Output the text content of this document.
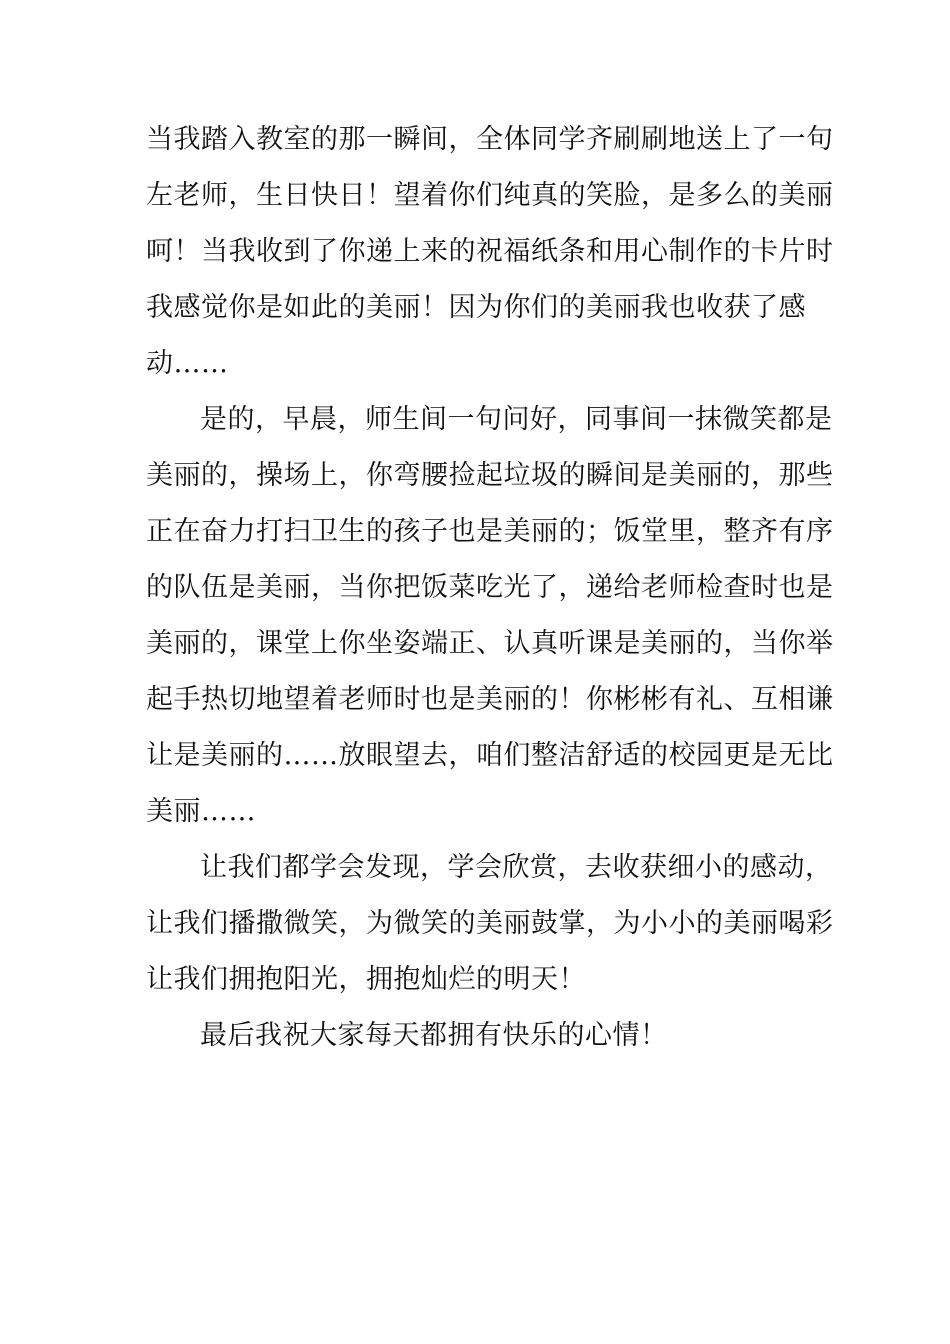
当我踏入教室的那一瞬间，全体同学齐刷刷地送上了一句
左老师，生日快日！望着你们纯真的笑脸，是多么的美丽
呵！当我收到了你递上来的祝福纸条和用心制作的卡片时
我感觉你是如此的美丽！因为你们的美丽我也收获了感
动……
是的，早晨，师生间一句问好，同事间一抹微笑都是
美丽的，操场上，你弯腰捡起垃圾的瞬间是美丽的，那些
正在奋力打扫卫生的孩子也是美丽的；饭堂里，整齐有序
的队伍是美丽，当你把饭菜吃光了，递给老师检查时也是
美丽的，课堂上你坐姿端正、认真听课是美丽的，当你举
起手热切地望着老师时也是美丽的！你彬彬有礼、互相谦
让是美丽的……放眼望去，咱们整洁舒适的校园更是无比
美丽……
让我们都学会发现，学会欣赏，去收获细小的感动，
让我们播撒微笑，为微笑的美丽鼓掌，为小小的美丽喝彩
让我们拥抱阳光，拥抱灿烂的明天！
最后我祝大家每天都拥有快乐的心情！
